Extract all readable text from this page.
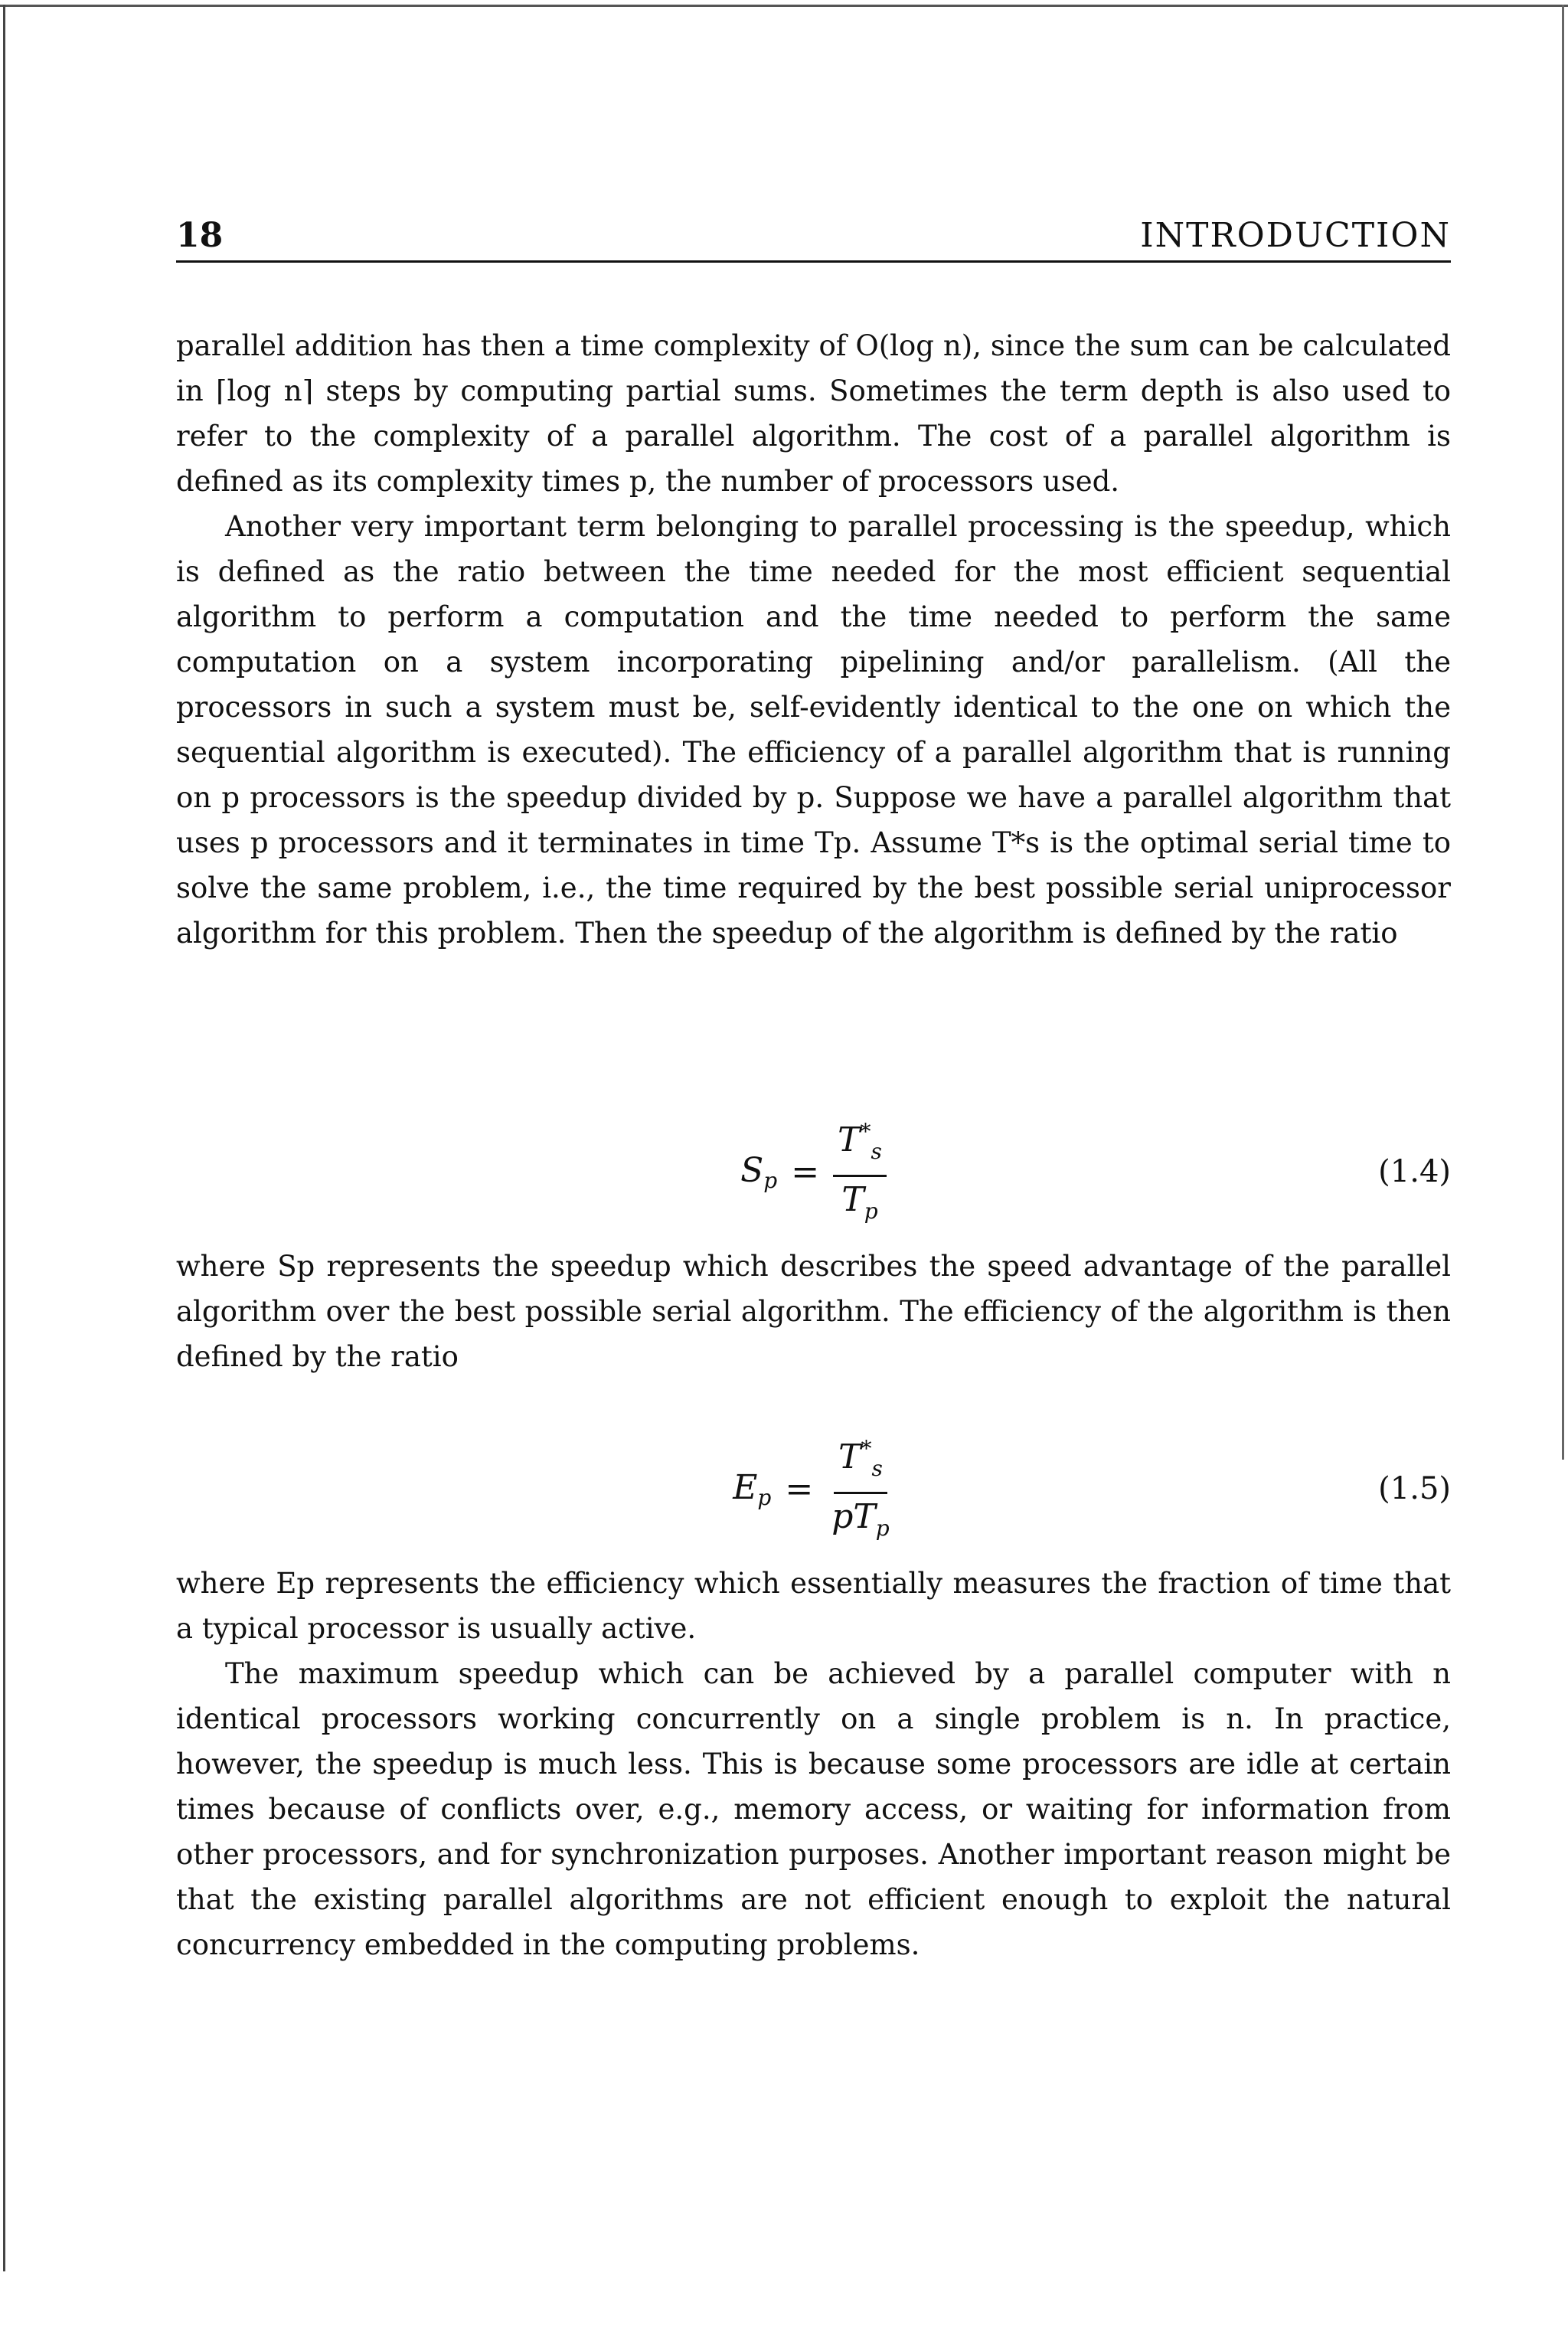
18	INTRODUCTION

parallel addition has then a time complexity of O(log n), since the sum can be calculated in ⌈log n⌉ steps by computing partial sums. Sometimes the term depth is also used to refer to the complexity of a parallel algorithm. The cost of a parallel algorithm is defined as its complexity times p, the number of processors used.

Another very important term belonging to parallel processing is the speedup, which is defined as the ratio between the time needed for the most efficient sequential algorithm to perform a computation and the time needed to perform the same computation on a system incorporating pipelining and/or parallelism. (All the processors in such a system must be, self-evidently identical to the one on which the sequential algorithm is executed). The efficiency of a parallel algorithm that is running on p processors is the speedup divided by p. Suppose we have a parallel algorithm that uses p processors and it terminates in time Tp. Assume T*s is the optimal serial time to solve the same problem, i.e., the time required by the best possible serial uniprocessor algorithm for this problem. Then the speedup of the algorithm is defined by the ratio

$S_p = \frac{T^*_s}{T_p}$	(1.4)

where Sp represents the speedup which describes the speed advantage of the parallel algorithm over the best possible serial algorithm. The efficiency of the algorithm is then defined by the ratio

$E_p = \frac{T^*_s}{pT_p}$	(1.5)

where Ep represents the efficiency which essentially measures the fraction of time that a typical processor is usually active.

The maximum speedup which can be achieved by a parallel computer with n identical processors working concurrently on a single problem is n. In practice, however, the speedup is much less. This is because some processors are idle at certain times because of conflicts over, e.g., memory access, or waiting for information from other processors, and for synchronization purposes. Another important reason might be that the existing parallel algorithms are not efficient enough to exploit the natural concurrency embedded in the computing problems.
